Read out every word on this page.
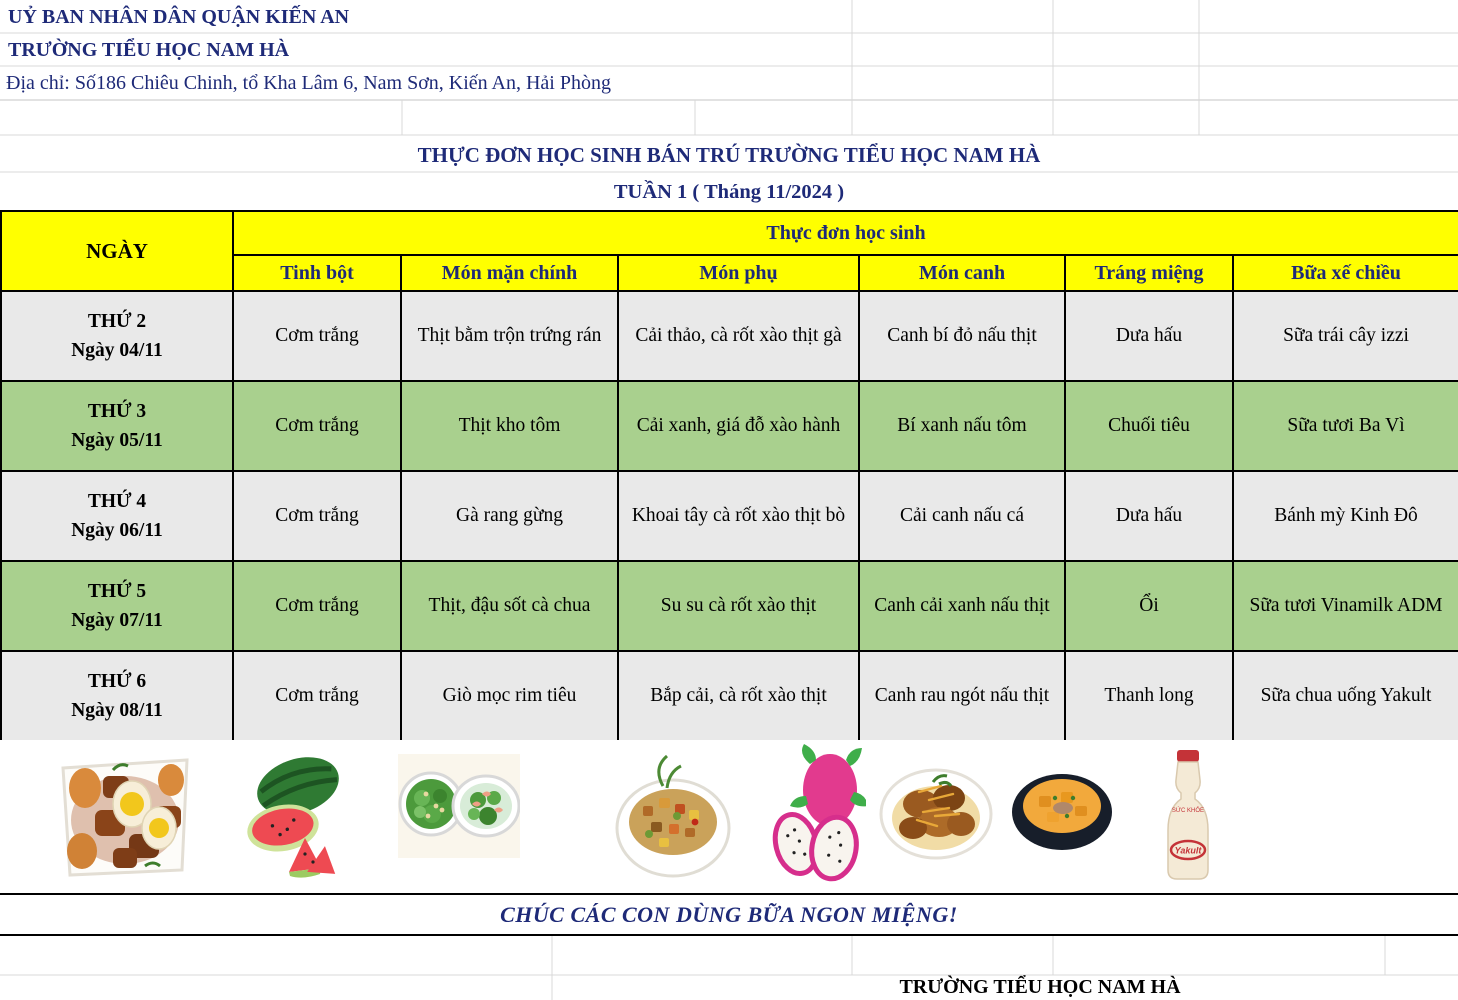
UỶ BAN NHÂN DÂN QUẬN KIẾN AN
TRƯỜNG TIỂU HỌC NAM HÀ
Địa chỉ: Số186 Chiêu Chinh, tổ Kha Lâm 6, Nam Sơn, Kiến An, Hải Phòng
THỰC ĐƠN HỌC SINH BÁN TRÚ TRƯỜNG TIỂU HỌC NAM HÀ
TUẦN 1 ( Tháng 11/2024 )
NGÀY	Thực đơn học sinh					
	Tinh bột	Món mặn chính	Món phụ	Món canh	Tráng miệng	Bữa xế chiều

THỨ 2
Ngày 04/11	Cơm trắng	Thịt bằm trộn trứng rán	Cải thảo, cà rốt xào thịt gà	Canh bí đỏ nấu thịt	Dưa hấu	Sữa trái cây izzi

THỨ 3
Ngày 05/11	Cơm trắng	Thịt kho tôm	Cải xanh, giá đỗ xào hành	Bí xanh nấu tôm	Chuối tiêu	Sữa tươi Ba Vì

THỨ 4
Ngày 06/11	Cơm trắng	Gà rang gừng	Khoai tây cà rốt xào thịt bò	Cải canh nấu cá	Dưa hấu	Bánh mỳ Kinh Đô

THỨ 5
Ngày 07/11	Cơm trắng	Thịt, đậu sốt cà chua	Su su cà rốt xào thịt	Canh cải xanh nấu thịt	Ổi	Sữa tươi Vinamilk ADM

THỨ 6
Ngày 08/11	Cơm trắng	Giò mọc rim tiêu	Bắp cải, cà rốt xào thịt	Canh rau ngót nấu thịt	Thanh long	Sữa chua uống Yakult
SỨC KHỎE
Yakult
CHÚC CÁC CON DÙNG BỮA NGON MIỆNG!
TRƯỜNG TIỂU HỌC NAM HÀ
